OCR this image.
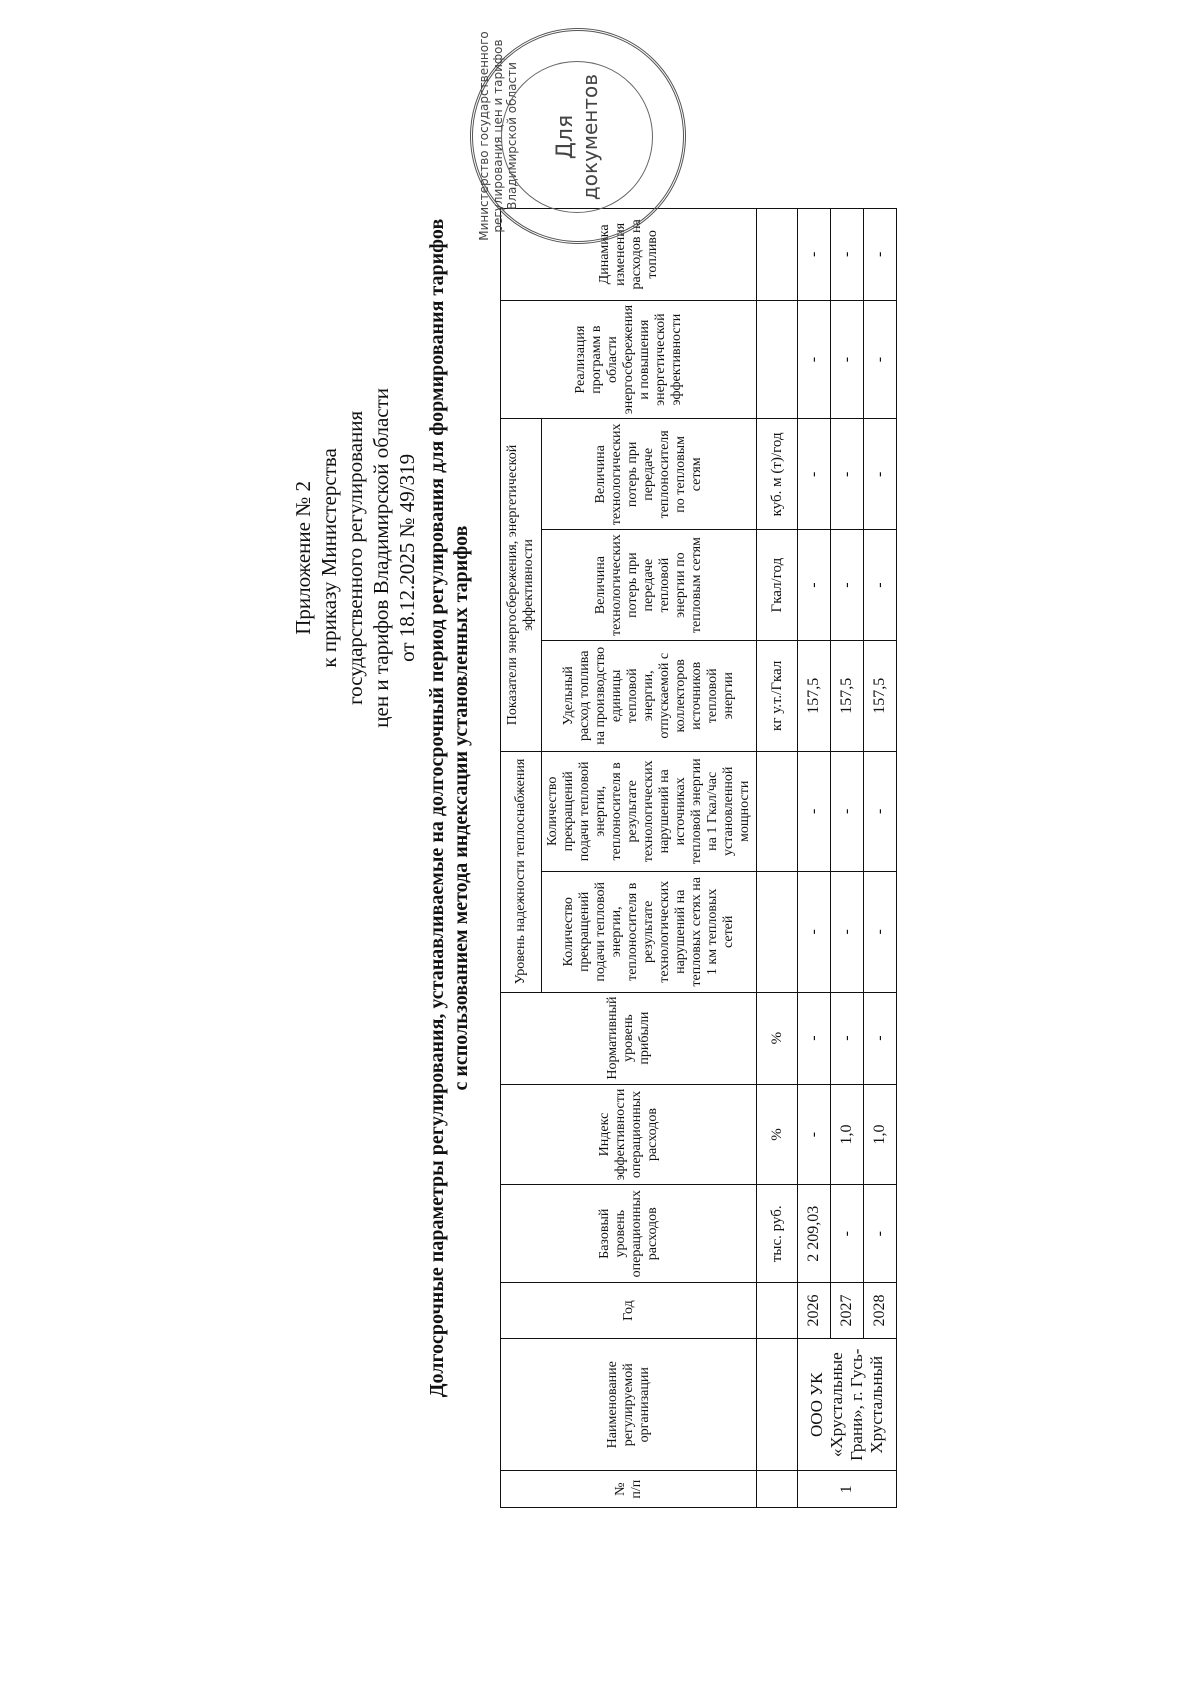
Приложение № 2 к приказу Министерства государственного регулирования цен и тарифов Владимирской области от 18.12.2025 № 49/319 Долгосрочные параметры регулирования, устанавливаемые на долгосрочный период регулирования для формирования тарифов с использованием метода индексации установленных тарифов
№ п/п	Наименование регулируемой организации	Год	Базовый уровень операционных расходов	Индекс эффективности операционных расходов	Нормативный уровень прибыли	Уровень надежности теплоснабжения		Показатели энергосбережения, энергетической эффективности			Реализация программ в области энергосбережения и повышения энергетической эффективности	Динамика изменения расходов на топливо
						Количество прекращений подачи тепловой энергии, теплоносителя в результате технологических нарушений на тепловых сетях на 1 км тепловых сетей	Количество прекращений подачи тепловой энергии, теплоносителя в результате технологических нарушений на источниках тепловой энергии на 1 Гкал/час установленной мощности	Удельный расход топлива на производство единицы тепловой энергии, отпускаемой с коллекторов источников тепловой энергии	Величина технологических потерь при передаче тепловой энергии по тепловым сетям	Величина технологических потерь при передаче теплоносителя по тепловым сетям		
			тыс. руб.	%	%			кг у.т./Гкал	Гкал/год	куб. м (т)/год		
1	ООО УК «Хрустальные Грани», г. Гусь-Хрустальный	2026	2 209,03	-	-	-	-	157,5	-	-	-	-
		2027	-	1,0	-	-	-	157,5	-	-	-	-
		2028	-	1,0	-	-	-	157,5	-	-	-	-
Министерство государственного регулирования цен и тарифов Владимирской области Для документов
